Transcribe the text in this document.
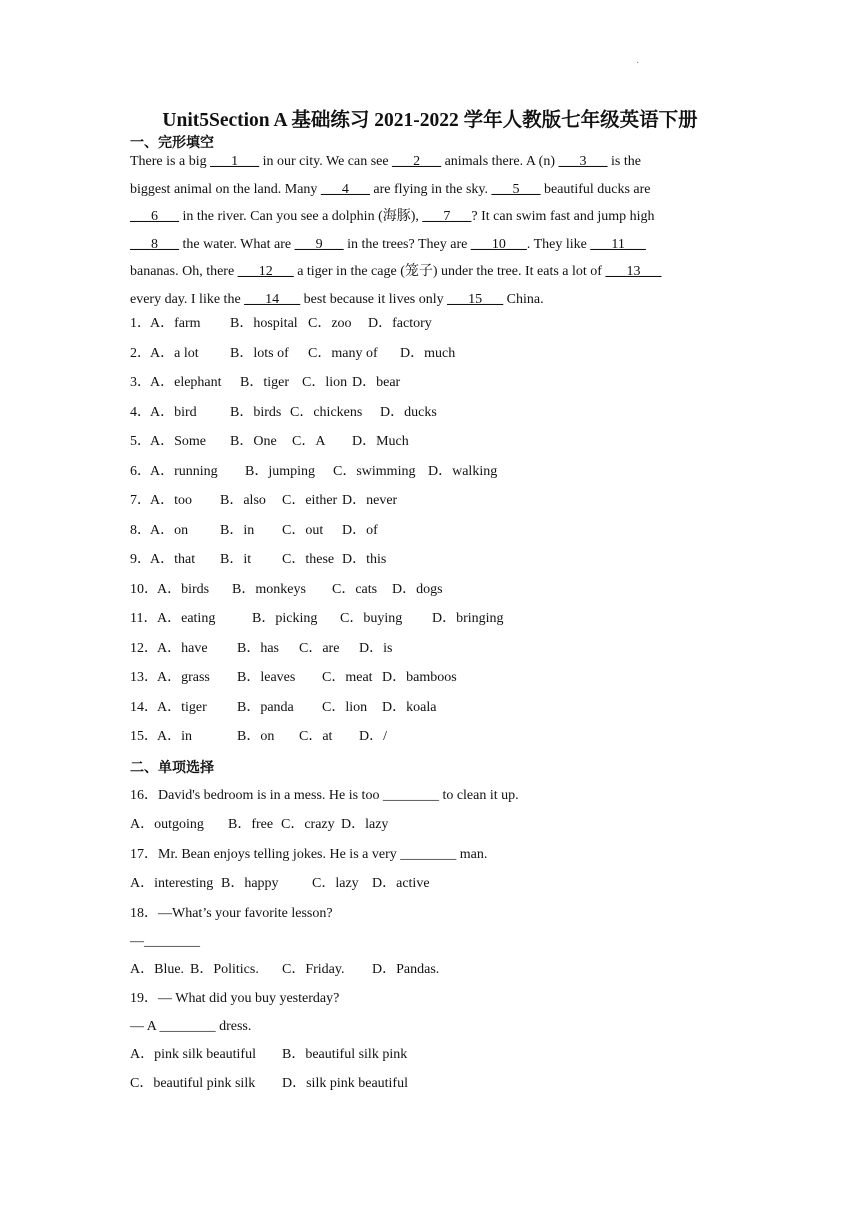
·
Unit5Section A 基础练习 2021-2022 学年人教版七年级英语下册
一、完形填空
There is a big ___1___ in our city. We can see ___2___ animals there. A (n) ___3___ is the
biggest animal on the land. Many ___4___ are flying in the sky. ___5___ beautiful ducks are
___6___ in the river. Can you see a dolphin (海豚), ___7___? It can swim fast and jump high
___8___ the water. What are ___9___ in the trees? They are ___10___. They like ___11___
bananas. Oh, there ___12___ a tiger in the cage (笼子) under the tree. It eats a lot of ___13___
every day. I like the ___14___ best because it lives only ___15___ China.
1．A．farm B．hospital C．zoo D．factory
2．A．a lot B．lots of C．many of D．much
3．A．elephant B．tiger C．lion D．bear
4．A．bird B．birds C．chickens D．ducks
5．A．Some B．One C．A D．Much
6．A．running B．jumping C．swimming D．walking
7．A．too B．also C．either D．never
8．A．on B．in C．out D．of
9．A．that B．it C．these D．this
10．A．birds B．monkeys C．cats D．dogs
11．A．eating	B．picking C．buying D．bringing
12．A．have B．has C．are D．is
13．A．grass B．leaves C．meat D．bamboos
14．A．tiger B．panda C．lion D．koala
15．A．in	B．on C．at D．/
二、单项选择
16．David's bedroom is in a mess. He is too ________ to clean it up.
A．outgoing B．free C．crazy D．lazy
17．Mr. Bean enjoys telling jokes. He is a very ________ man.
A．interesting B．happy C．lazy D．active
18．—What’s your favorite lesson?
—________
A．Blue. B．Politics. C．Friday. D．Pandas.
19．— What did you buy yesterday?
— A ________ dress.
A．pink silk beautiful B．beautiful silk pink
C．beautiful pink silk D．silk pink beautiful
